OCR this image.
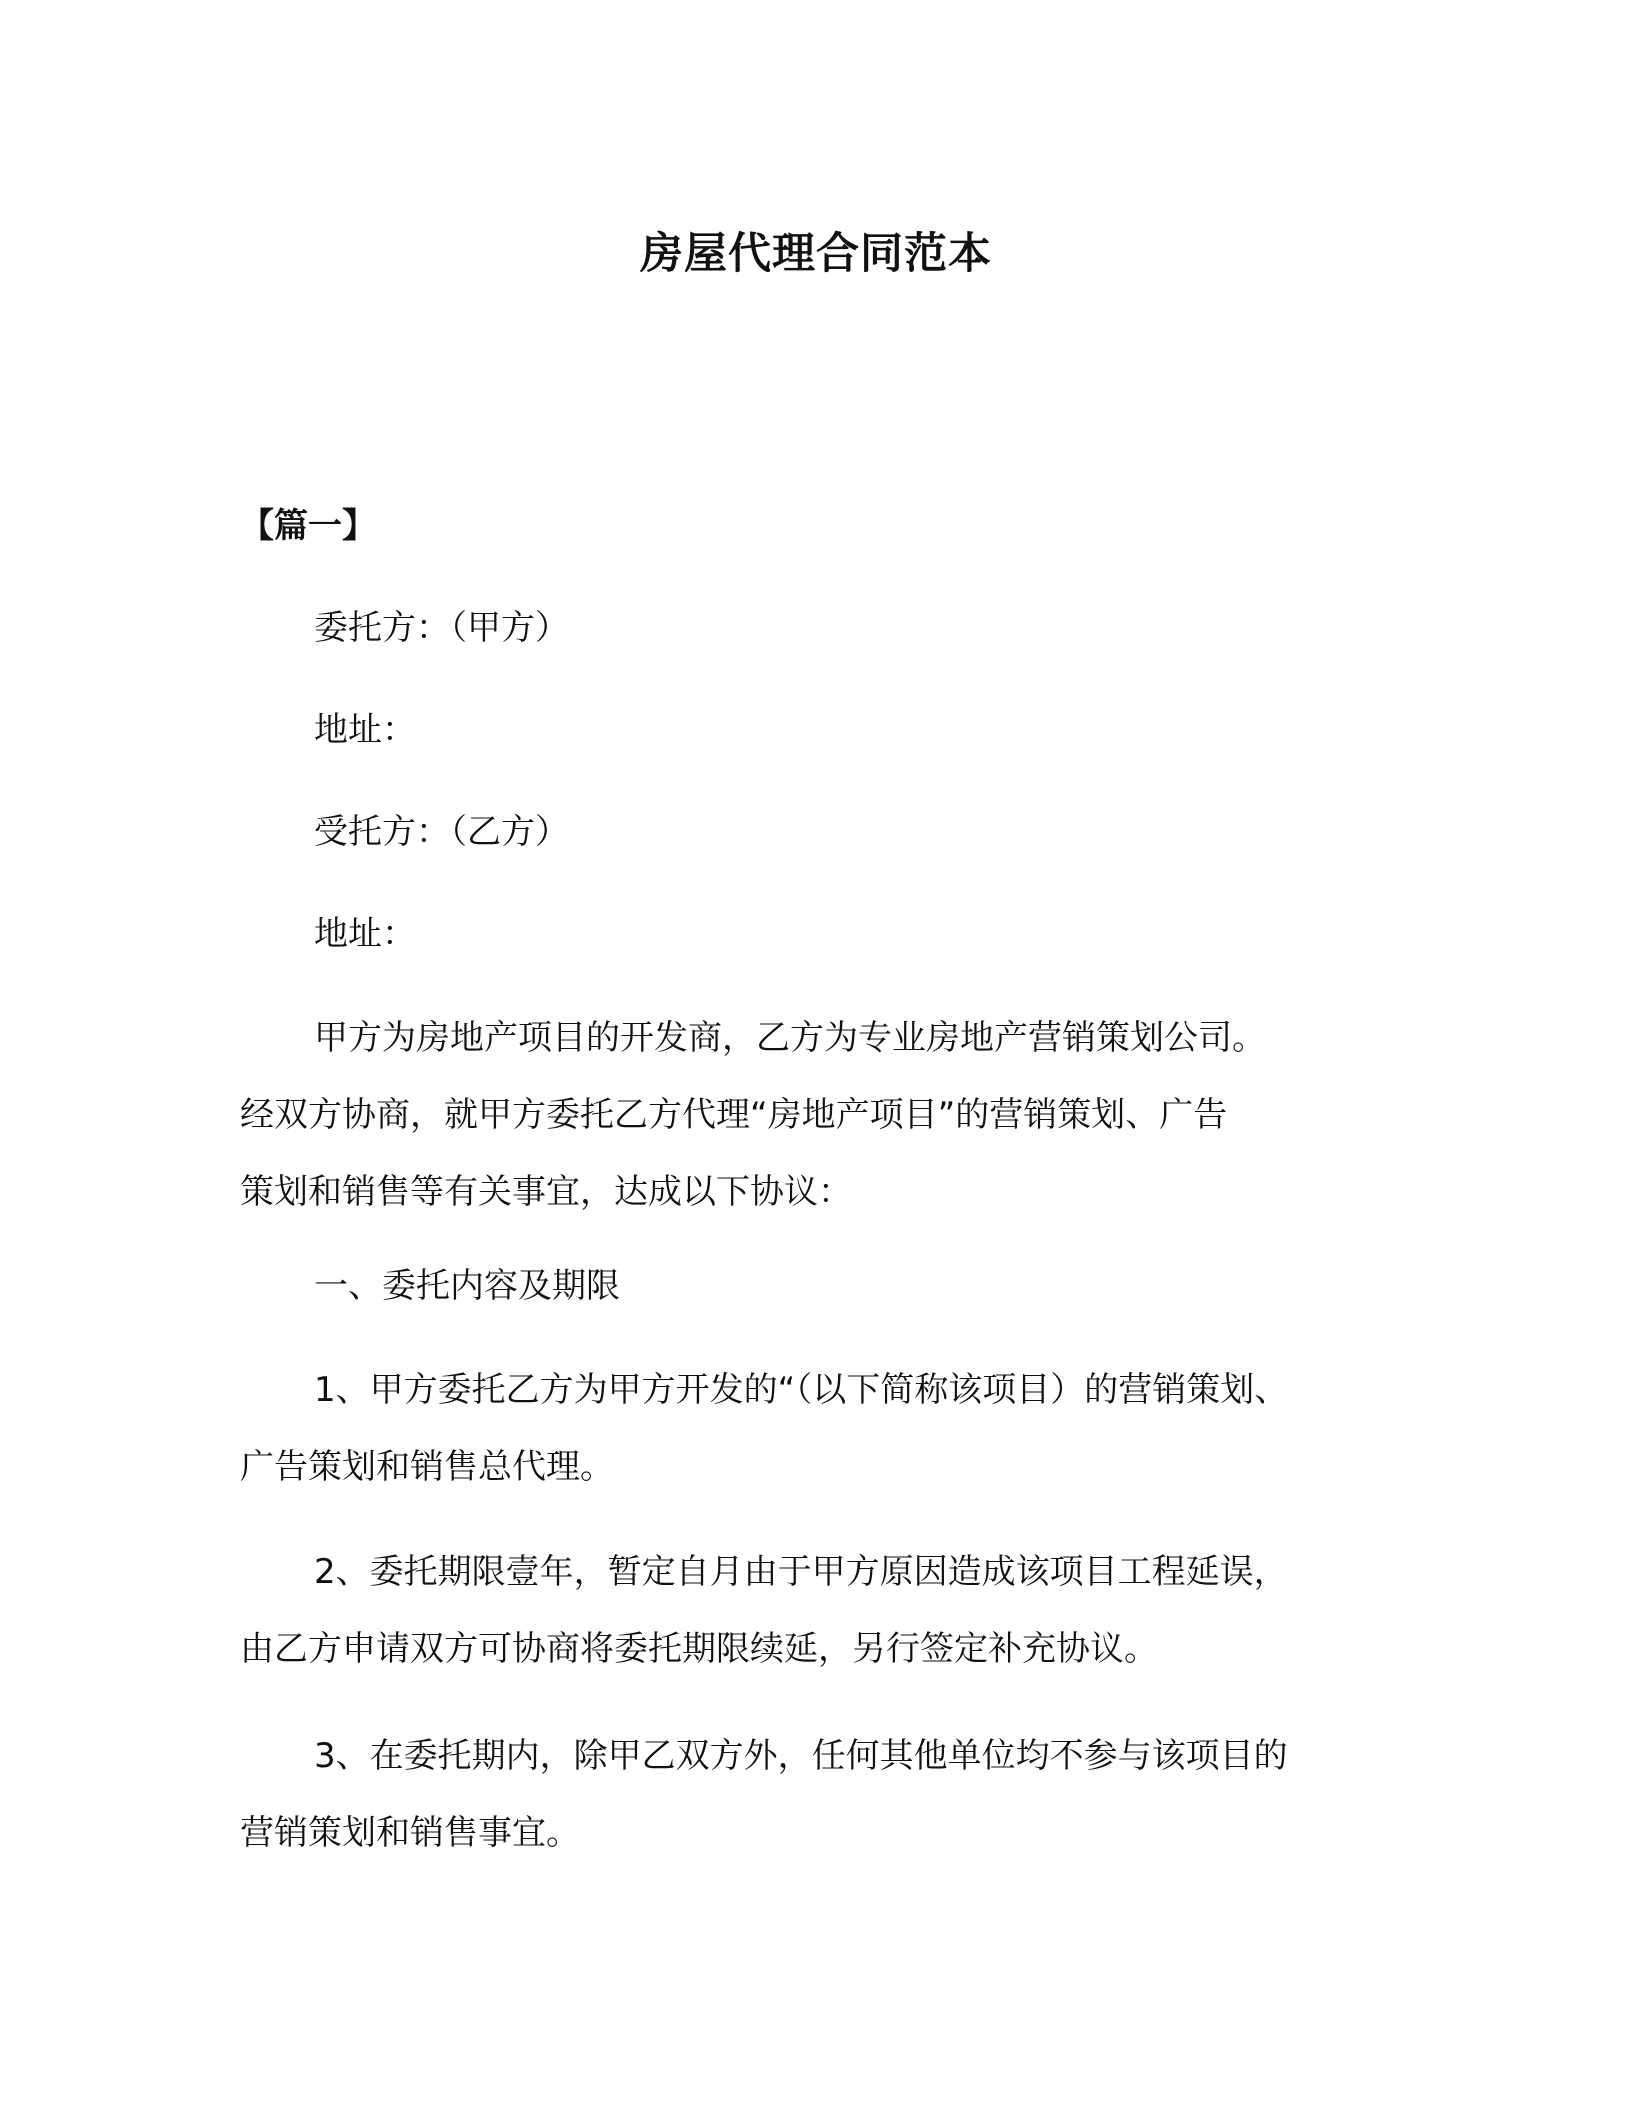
房屋代理合同范本
【篇一】
委托方：（甲方）
地址：
受托方：（乙方）
地址：
甲方为房地产项目的开发商，乙方为专业房地产营销策划公司。
经双方协商，就甲方委托乙方代理“房地产项目”的营销策划、广告
策划和销售等有关事宜，达成以下协议：
一、委托内容及期限
1、甲方委托乙方为甲方开发的“（以下简称该项目）的营销策划、
广告策划和销售总代理。
2、委托期限壹年，暂定自月由于甲方原因造成该项目工程延误，
由乙方申请双方可协商将委托期限续延，另行签定补充协议。
3、在委托期内，除甲乙双方外，任何其他单位均不参与该项目的
营销策划和销售事宜。
